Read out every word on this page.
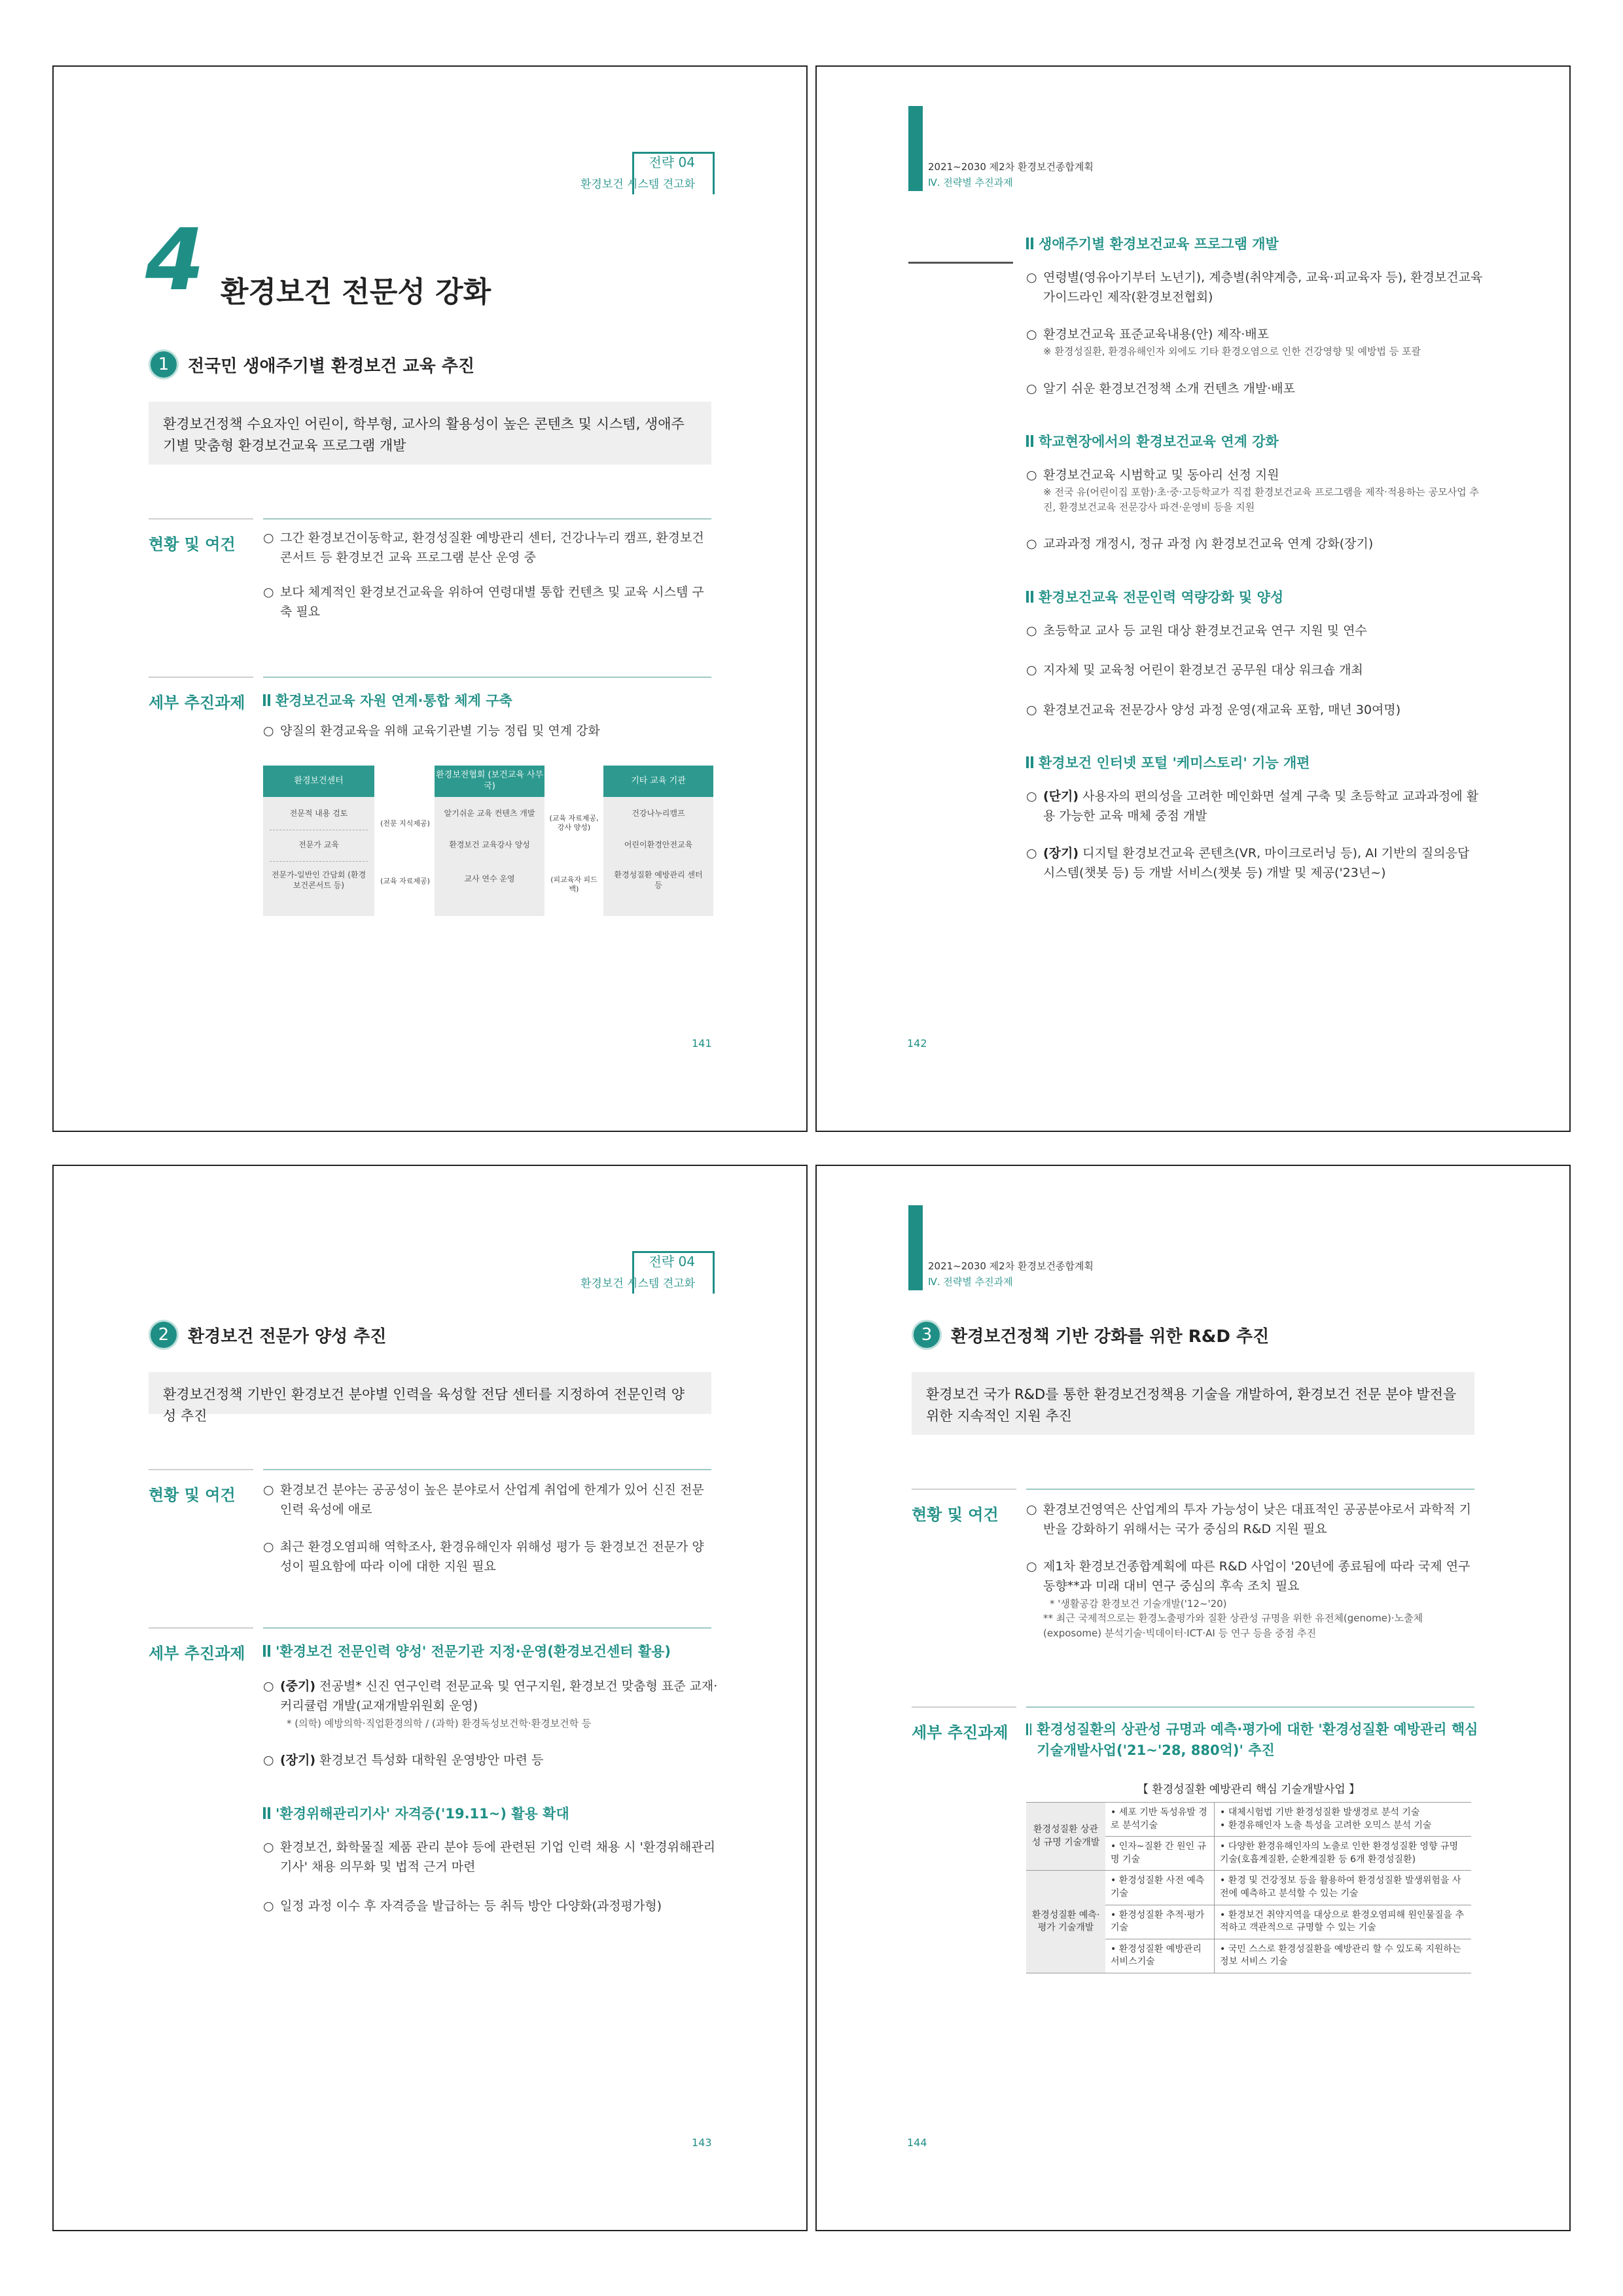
전략 04
환경보건 시스템 견고화
4 환경보건 전문성 강화
1	전국민 생애주기별 환경보건 교육 추진
환경보건정책 수요자인 어린이, 학부형, 교사의 활용성이 높은 콘텐츠 및 시스템, 생애주기별 맞춤형 환경보건교육 프로그램 개발
현황 및 여건 ○ 그간 환경보건이동학교, 환경성질환 예방관리 센터, 건강나누리 캠프, 환경보건콘서트 등 환경보건 교육 프로그램 분산 운영 중
○ 보다 체계적인 환경보건교육을 위하여 연령대별 통합 컨텐츠 및 교육 시스템 구축 필요
세부 추진과제 환경보건교육 자원 연계·통합 체계 구축
○ 양질의 환경교육을 위해 교육기관별 기능 정립 및 연계 강화
환경보건센터
전문적 내용 검토
전문가 교육
전문가-일반인 간담회 (환경보건콘서트 등)
(전문 지식제공)
(교육 자료제공)
환경보전협회 (보건교육 사무국)
알기쉬운 교육 컨텐츠 개발
환경보건 교육강사 양성
교사 연수 운영
(교육 자료제공, 강사 양성)
(피교육자 피드백)
기타 교육 기관
건강나누리캠프
어린이환경안전교육
환경성질환 예방관리 센터 등
141
2021~2030 제2차 환경보건종합계획
Ⅳ. 전략별 추진과제
생애주기별 환경보건교육 프로그램 개발
○ 연령별(영유아기부터 노년기), 계층별(취약계층, 교육·피교육자 등), 환경보건교육 가이드라인 제작(환경보전협회)
○ 환경보건교육 표준교육내용(안) 제작·배포
※ 환경성질환, 환경유해인자 외에도 기타 환경오염으로 인한 건강영향 및 예방법 등 포괄
○ 알기 쉬운 환경보건정책 소개 컨텐츠 개발·배포
학교현장에서의 환경보건교육 연계 강화
○ 환경보건교육 시범학교 및 동아리 선정 지원
※ 전국 유(어린이집 포함)·초·중·고등학교가 직접 환경보건교육 프로그램을 제작·적용하는 공모사업 추진, 환경보건교육 전문강사 파견·운영비 등을 지원
○ 교과과정 개정시, 정규 과정 內 환경보건교육 연계 강화(장기)
환경보건교육 전문인력 역량강화 및 양성
○ 초등학교 교사 등 교원 대상 환경보건교육 연구 지원 및 연수
○ 지자체 및 교육청 어린이 환경보건 공무원 대상 워크숍 개최
○ 환경보건교육 전문강사 양성 과정 운영(재교육 포함, 매년 30여명)
환경보건 인터넷 포털 '케미스토리' 기능 개편
○ (단기) 사용자의 편의성을 고려한 메인화면 설계 구축 및 초등학교 교과과정에 활용 가능한 교육 매체 중점 개발
○ (장기) 디지털 환경보건교육 콘텐츠(VR, 마이크로러닝 등), AI 기반의 질의응답 시스템(챗봇 등) 등 개발 서비스(챗봇 등) 개발 및 제공('23년~)
142
전략 04
환경보건 시스템 견고화
2	환경보건 전문가 양성 추진
환경보건정책 기반인 환경보건 분야별 인력을 육성할 전담 센터를 지정하여 전문인력 양성 추진
현황 및 여건 ○ 환경보건 분야는 공공성이 높은 분야로서 산업계 취업에 한계가 있어 신진 전문인력 육성에 애로
○ 최근 환경오염피해 역학조사, 환경유해인자 위해성 평가 등 환경보건 전문가 양성이 필요함에 따라 이에 대한 지원 필요
세부 추진과제 '환경보건 전문인력 양성' 전문기관 지정·운영(환경보건센터 활용)
○ (중기) 전공별* 신진 연구인력 전문교육 및 연구지원, 환경보건 맞춤형 표준 교재·커리큘럼 개발(교재개발위원회 운영)
* (의학) 예방의학·직업환경의학 / (과학) 환경독성보건학·환경보건학 등
○ (장기) 환경보건 특성화 대학원 운영방안 마련 등
'환경위해관리기사' 자격증('19.11~) 활용 확대
○ 환경보건, 화학물질 제품 관리 분야 등에 관련된 기업 인력 채용 시 '환경위해관리기사' 채용 의무화 및 법적 근거 마련
○ 일정 과정 이수 후 자격증을 발급하는 등 취득 방안 다양화(과정평가형)
143
2021~2030 제2차 환경보건종합계획
Ⅳ. 전략별 추진과제
3	환경보건정책 기반 강화를 위한 R&D 추진
환경보건 국가 R&D를 통한 환경보건정책용 기술을 개발하여, 환경보건 전문 분야 발전을 위한 지속적인 지원 추진
현황 및 여건 ○ 환경보건영역은 산업계의 투자 가능성이 낮은 대표적인 공공분야로서 과학적 기반을 강화하기 위해서는 국가 중심의 R&D 지원 필요
○ 제1차 환경보건종합계획에 따른 R&D 사업이 '20년에 종료됨에 따라 국제 연구동향**과 미래 대비 연구 중심의 후속 조치 필요
* '생활공감 환경보건 기술개발('12~'20)
** 최근 국제적으로는 환경노출평가와 질환 상관성 규명을 위한 유전체(genome)·노출체(exposome) 분석기술·빅데이터·ICT·AI 등 연구 등을 중점 추진
세부 추진과제 환경성질환의 상관성 규명과 예측·평가에 대한 '환경성질환 예방관리 핵심기술개발사업('21~'28, 880억)' 추진
【 환경성질환 예방관리 핵심 기술개발사업 】
환경성질환 상관성 규명 기술개발	• 세포 기반 독성유발 경로 분석기술	• 대체시험법 기반 환경성질환 발생경로 분석 기술
• 환경유해인자 노출 특성을 고려한 오믹스 분석 기술
	• 인자~질환 간 원인 규명 기술	• 다양한 환경유해인자의 노출로 인한 환경성질환 영향 규명기술(호흡계질환, 순환계질환 등 6개 환경성질환)
환경성질환 예측·평가 기술개발	• 환경성질환 사전 예측 기술	• 환경 및 건강정보 등을 활용하여 환경성질환 발생위험을 사전에 예측하고 분석할 수 있는 기술
	• 환경성질환 추적·평가기술	• 환경보건 취약지역을 대상으로 환경오염피해 원인물질을 추적하고 객관적으로 규명할 수 있는 기술
	• 환경성질환 예방관리 서비스기술	• 국민 스스로 환경성질환을 예방관리 할 수 있도록 지원하는 정보 서비스 기술
144
